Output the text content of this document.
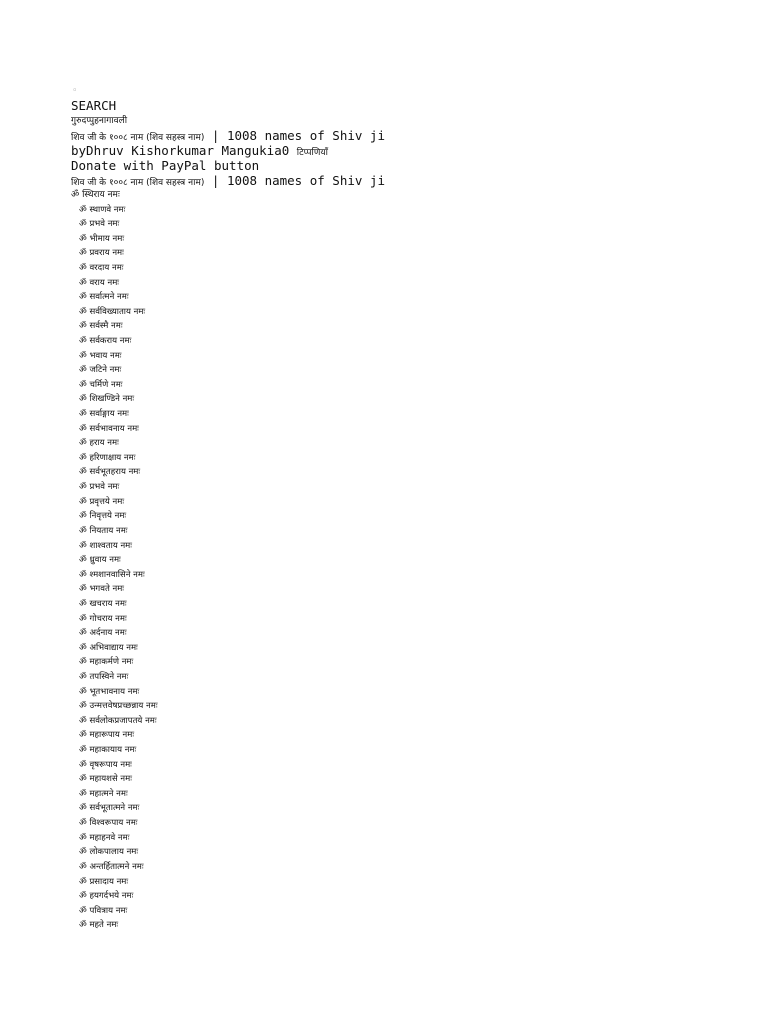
◦
SEARCH
गुरुदप्पुहनागावली
शिव जी के १००८ नाम (शिव सहस्त्र नाम) | 1008 names of Shiv ji
byDhruv Kishorkumar Mangukia0 टिप्पणियाँ
Donate with PayPal button
शिव जी के १००८ नाम (शिव सहस्त्र नाम) | 1008 names of Shiv ji
ॐ स्थिराय नमः
ॐ स्थाणवे नमः
ॐ प्रभवे नमः
ॐ भीमाय नमः
ॐ प्रवराय नमः
ॐ वरदाय नमः
ॐ वराय नमः
ॐ सर्वात्मने नमः
ॐ सर्वविख्याताय नमः
ॐ सर्वस्मै नमः
ॐ सर्वकराय नमः
ॐ भवाय नमः
ॐ जटिने नमः
ॐ चर्मिणे नमः
ॐ शिखण्डिने नमः
ॐ सर्वाङ्गाय नमः
ॐ सर्वभावनाय नमः
ॐ हराय नमः
ॐ हरिणाक्षाय नमः
ॐ सर्वभूतहराय नमः
ॐ प्रभवे नमः
ॐ प्रवृत्तये नमः
ॐ निवृत्तये नमः
ॐ नियताय नमः
ॐ शाश्वताय नमः
ॐ ध्रुवाय नमः
ॐ श्मशानवासिने नमः
ॐ भगवते नमः
ॐ खचराय नमः
ॐ गोचराय नमः
ॐ अर्दनाय नमः
ॐ अभिवाद्याय नमः
ॐ महाकर्मणे नमः
ॐ तपस्विने नमः
ॐ भूतभावनाय नमः
ॐ उन्मत्तवेषप्रच्छन्नाय नमः
ॐ सर्वलोकप्रजापतये नमः
ॐ महारूपाय नमः
ॐ महाकायाय नमः
ॐ वृषरूपाय नमः
ॐ महायशसे नमः
ॐ महात्मने नमः
ॐ सर्वभूतात्मने नमः
ॐ विश्वरूपाय नमः
ॐ महाहनवे नमः
ॐ लोकपालाय नमः
ॐ अन्तर्हितात्मने नमः
ॐ प्रसादाय नमः
ॐ हयगर्दभये नमः
ॐ पवित्राय नमः
ॐ महते नमः
